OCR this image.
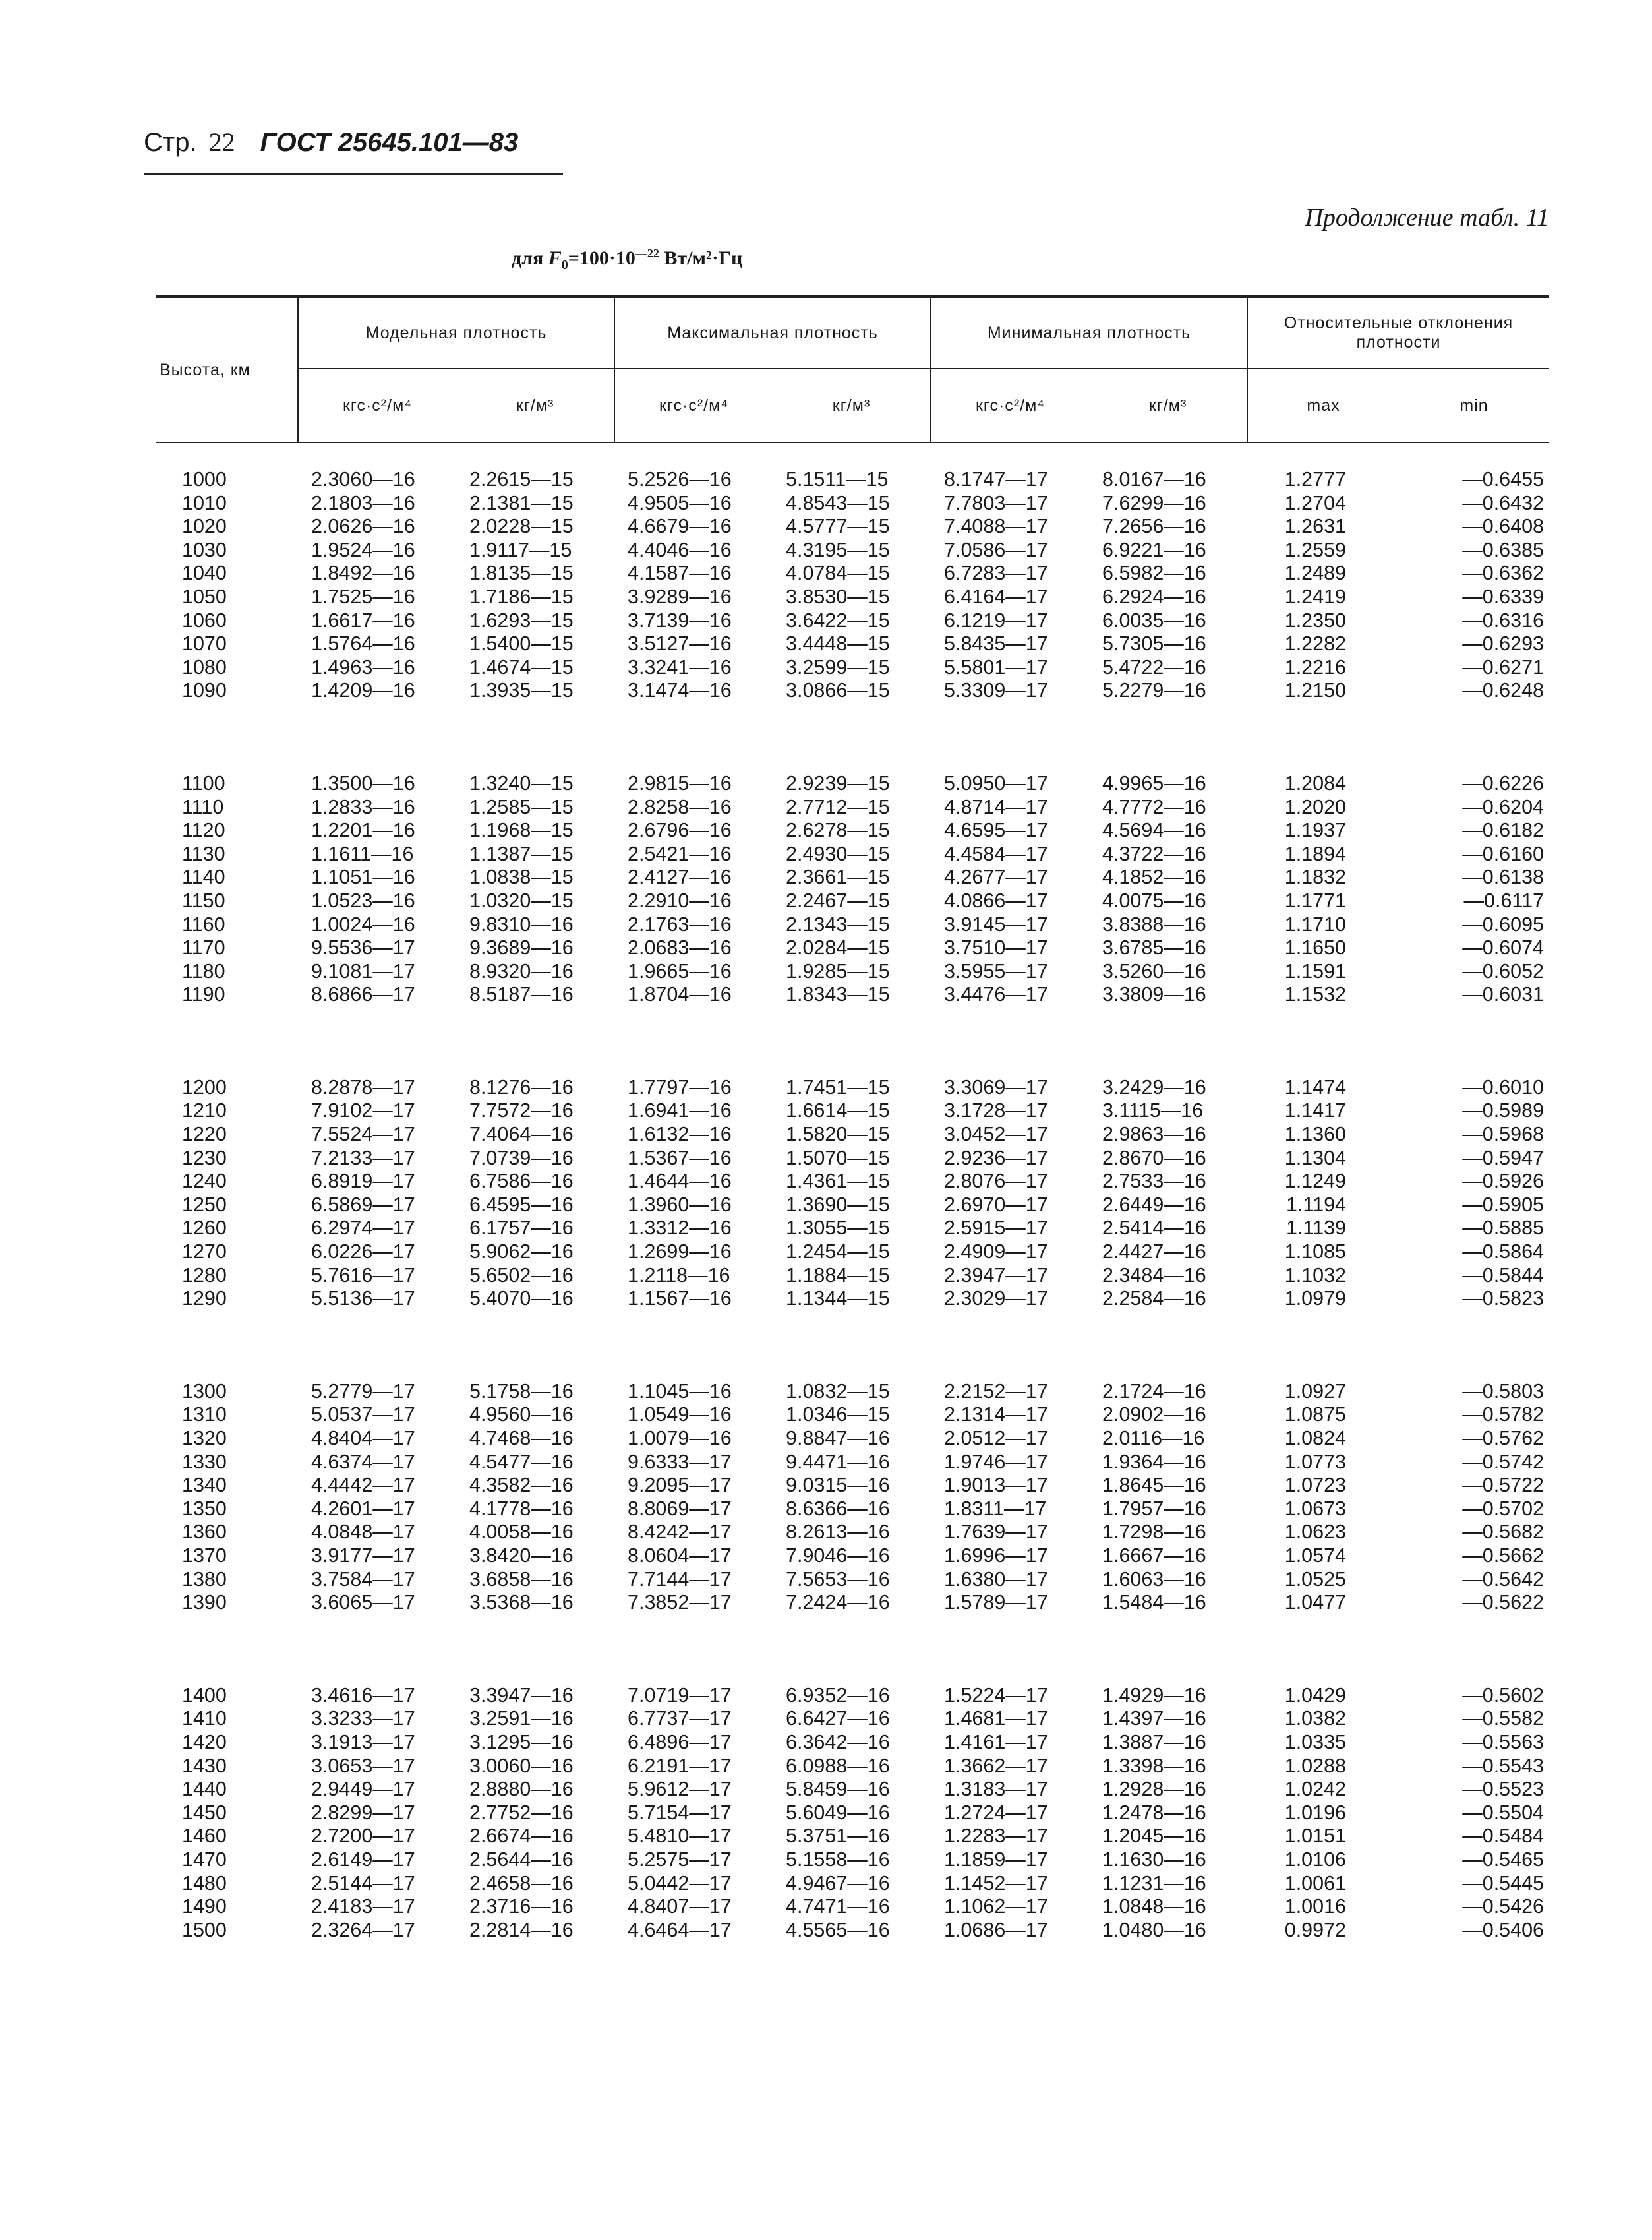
Стр. 22 ГОСТ 25645.101—83
Продолжение табл. 11
для $F_0=100\cdot 10^{—22}$ Вт/м²·Гц
Высота, км	Модельная плотность		Максимальная плотность		Минимальная плотность		Относительные отклонения плотности	
	кгс·с²/м⁴	кг/м³	кгс·с²/м⁴	кг/м³	кгс·с²/м⁴	кг/м³	max	min

1000	2.3060—16	2.2615—15	5.2526—16	5.1511—15	8.1747—17	8.0167—16	1.2777	—0.6455
1010	2.1803—16	2.1381—15	4.9505—16	4.8543—15	7.7803—17	7.6299—16	1.2704	—0.6432
1020	2.0626—16	2.0228—15	4.6679—16	4.5777—15	7.4088—17	7.2656—16	1.2631	—0.6408
1030	1.9524—16	1.9117—15	4.4046—16	4.3195—15	7.0586—17	6.9221—16	1.2559	—0.6385
1040	1.8492—16	1.8135—15	4.1587—16	4.0784—15	6.7283—17	6.5982—16	1.2489	—0.6362
1050	1.7525—16	1.7186—15	3.9289—16	3.8530—15	6.4164—17	6.2924—16	1.2419	—0.6339
1060	1.6617—16	1.6293—15	3.7139—16	3.6422—15	6.1219—17	6.0035—16	1.2350	—0.6316
1070	1.5764—16	1.5400—15	3.5127—16	3.4448—15	5.8435—17	5.7305—16	1.2282	—0.6293
1080	1.4963—16	1.4674—15	3.3241—16	3.2599—15	5.5801—17	5.4722—16	1.2216	—0.6271
1090	1.4209—16	1.3935—15	3.1474—16	3.0866—15	5.3309—17	5.2279—16	1.2150	—0.6248

1100	1.3500—16	1.3240—15	2.9815—16	2.9239—15	5.0950—17	4.9965—16	1.2084	—0.6226
1110	1.2833—16	1.2585—15	2.8258—16	2.7712—15	4.8714—17	4.7772—16	1.2020	—0.6204
1120	1.2201—16	1.1968—15	2.6796—16	2.6278—15	4.6595—17	4.5694—16	1.1937	—0.6182
1130	1.1611—16	1.1387—15	2.5421—16	2.4930—15	4.4584—17	4.3722—16	1.1894	—0.6160
1140	1.1051—16	1.0838—15	2.4127—16	2.3661—15	4.2677—17	4.1852—16	1.1832	—0.6138
1150	1.0523—16	1.0320—15	2.2910—16	2.2467—15	4.0866—17	4.0075—16	1.1771	—0.6117
1160	1.0024—16	9.8310—16	2.1763—16	2.1343—15	3.9145—17	3.8388—16	1.1710	—0.6095
1170	9.5536—17	9.3689—16	2.0683—16	2.0284—15	3.7510—17	3.6785—16	1.1650	—0.6074
1180	9.1081—17	8.9320—16	1.9665—16	1.9285—15	3.5955—17	3.5260—16	1.1591	—0.6052
1190	8.6866—17	8.5187—16	1.8704—16	1.8343—15	3.4476—17	3.3809—16	1.1532	—0.6031

1200	8.2878—17	8.1276—16	1.7797—16	1.7451—15	3.3069—17	3.2429—16	1.1474	—0.6010
1210	7.9102—17	7.7572—16	1.6941—16	1.6614—15	3.1728—17	3.1115—16	1.1417	—0.5989
1220	7.5524—17	7.4064—16	1.6132—16	1.5820—15	3.0452—17	2.9863—16	1.1360	—0.5968
1230	7.2133—17	7.0739—16	1.5367—16	1.5070—15	2.9236—17	2.8670—16	1.1304	—0.5947
1240	6.8919—17	6.7586—16	1.4644—16	1.4361—15	2.8076—17	2.7533—16	1.1249	—0.5926
1250	6.5869—17	6.4595—16	1.3960—16	1.3690—15	2.6970—17	2.6449—16	1.1194	—0.5905
1260	6.2974—17	6.1757—16	1.3312—16	1.3055—15	2.5915—17	2.5414—16	1.1139	—0.5885
1270	6.0226—17	5.9062—16	1.2699—16	1.2454—15	2.4909—17	2.4427—16	1.1085	—0.5864
1280	5.7616—17	5.6502—16	1.2118—16	1.1884—15	2.3947—17	2.3484—16	1.1032	—0.5844
1290	5.5136—17	5.4070—16	1.1567—16	1.1344—15	2.3029—17	2.2584—16	1.0979	—0.5823

1300	5.2779—17	5.1758—16	1.1045—16	1.0832—15	2.2152—17	2.1724—16	1.0927	—0.5803
1310	5.0537—17	4.9560—16	1.0549—16	1.0346—15	2.1314—17	2.0902—16	1.0875	—0.5782
1320	4.8404—17	4.7468—16	1.0079—16	9.8847—16	2.0512—17	2.0116—16	1.0824	—0.5762
1330	4.6374—17	4.5477—16	9.6333—17	9.4471—16	1.9746—17	1.9364—16	1.0773	—0.5742
1340	4.4442—17	4.3582—16	9.2095—17	9.0315—16	1.9013—17	1.8645—16	1.0723	—0.5722
1350	4.2601—17	4.1778—16	8.8069—17	8.6366—16	1.8311—17	1.7957—16	1.0673	—0.5702
1360	4.0848—17	4.0058—16	8.4242—17	8.2613—16	1.7639—17	1.7298—16	1.0623	—0.5682
1370	3.9177—17	3.8420—16	8.0604—17	7.9046—16	1.6996—17	1.6667—16	1.0574	—0.5662
1380	3.7584—17	3.6858—16	7.7144—17	7.5653—16	1.6380—17	1.6063—16	1.0525	—0.5642
1390	3.6065—17	3.5368—16	7.3852—17	7.2424—16	1.5789—17	1.5484—16	1.0477	—0.5622

1400	3.4616—17	3.3947—16	7.0719—17	6.9352—16	1.5224—17	1.4929—16	1.0429	—0.5602
1410	3.3233—17	3.2591—16	6.7737—17	6.6427—16	1.4681—17	1.4397—16	1.0382	—0.5582
1420	3.1913—17	3.1295—16	6.4896—17	6.3642—16	1.4161—17	1.3887—16	1.0335	—0.5563
1430	3.0653—17	3.0060—16	6.2191—17	6.0988—16	1.3662—17	1.3398—16	1.0288	—0.5543
1440	2.9449—17	2.8880—16	5.9612—17	5.8459—16	1.3183—17	1.2928—16	1.0242	—0.5523
1450	2.8299—17	2.7752—16	5.7154—17	5.6049—16	1.2724—17	1.2478—16	1.0196	—0.5504
1460	2.7200—17	2.6674—16	5.4810—17	5.3751—16	1.2283—17	1.2045—16	1.0151	—0.5484
1470	2.6149—17	2.5644—16	5.2575—17	5.1558—16	1.1859—17	1.1630—16	1.0106	—0.5465
1480	2.5144—17	2.4658—16	5.0442—17	4.9467—16	1.1452—17	1.1231—16	1.0061	—0.5445
1490	2.4183—17	2.3716—16	4.8407—17	4.7471—16	1.1062—17	1.0848—16	1.0016	—0.5426
1500	2.3264—17	2.2814—16	4.6464—17	4.5565—16	1.0686—17	1.0480—16	0.9972	—0.5406
